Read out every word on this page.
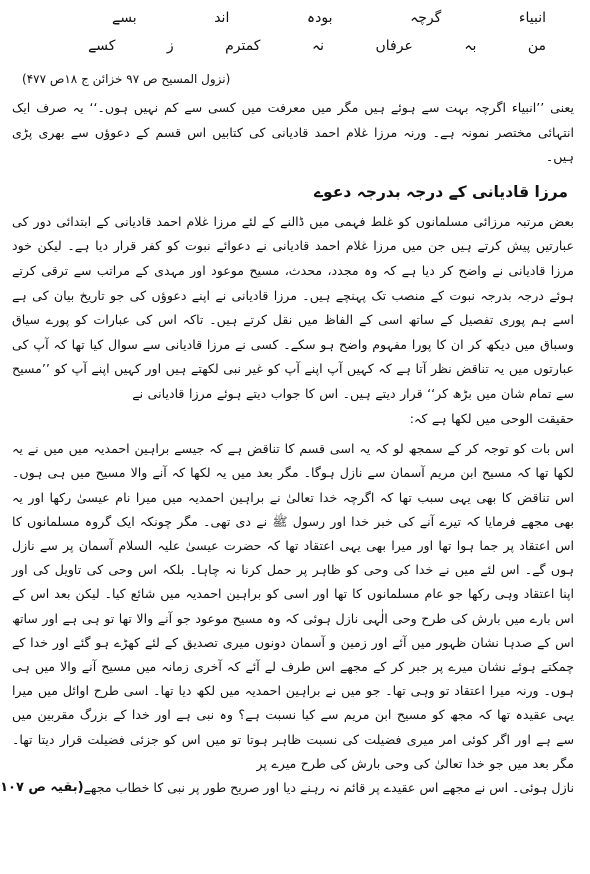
انبیاء
گرچہ
بودہ
اند
بسے
من
بہ
عرفاں
نہ
کمترم
ز
کسے
(نزول المسیح ص ۹۷ خزائن ج ۱۸ص ۴۷۷)

یعنی ’’انبیاء اگرچہ بہت سے ہوئے ہیں مگر میں معرفت میں کسی سے کم نہیں ہوں۔‘‘ یہ صرف ایک انتہائی مختصر نمونہ ہے۔ ورنہ مرزا غلام احمد قادیانی کی کتابیں اس قسم کے دعوؤں سے بھری پڑی ہیں۔

مرزا قادیانی کے درجہ بدرجہ دعوے

بعض مرتبہ مرزائی مسلمانوں کو غلط فہمی میں ڈالنے کے لئے مرزا غلام احمد قادیانی کے ابتدائی دور کی عبارتیں پیش کرتے ہیں جن میں مرزا غلام احمد قادیانی نے دعوائے نبوت کو کفر قرار دیا ہے۔ لیکن خود مرزا قادیانی نے واضح کر دیا ہے کہ وہ مجدد، محدث، مسیح موعود اور مہدی کے مراتب سے ترقی کرتے ہوئے درجہ بدرجہ نبوت کے منصب تک پہنچے ہیں۔ مرزا قادیانی نے اپنے دعوؤں کی جو تاریخ بیان کی ہے اسے ہم پوری تفصیل کے ساتھ اسی کے الفاظ میں نقل کرتے ہیں۔ تاکہ اس کی عبارات کو پورے سیاق وسباق میں دیکھ کر ان کا پورا مفہوم واضح ہو سکے۔ کسی نے مرزا قادیانی سے سوال کیا تھا کہ آپ کی عبارتوں میں یہ تناقض نظر آتا ہے کہ کہیں آپ اپنے آپ کو غیر نبی لکھتے ہیں اور کہیں اپنے آپ کو ’’مسیح سے تمام شان میں بڑھ کر‘‘ قرار دیتے ہیں۔ اس کا جواب دیتے ہوئے مرزا قادیانی نے

حقیقت الوحی میں لکھا ہے کہ:

اس بات کو توجہ کر کے سمجھ لو کہ یہ اسی قسم کا تناقض ہے کہ جیسے براہین احمدیہ میں میں نے یہ لکھا تھا کہ مسیح ابن مریم آسمان سے نازل ہوگا۔ مگر بعد میں یہ لکھا کہ آنے والا مسیح میں ہی ہوں۔ اس تناقض کا بھی یہی سبب تھا کہ اگرچہ خدا تعالیٰ نے براہین احمدیہ میں میرا نام عیسیٰ رکھا اور یہ بھی مجھے فرمایا کہ تیرے آنے کی خبر خدا اور رسول ﷺ نے دی تھی۔ مگر چونکہ ایک گروہ مسلمانوں کا اس اعتقاد پر جما ہوا تھا اور میرا بھی یہی اعتقاد تھا کہ حضرت عیسیٰ علیہ السلام آسمان پر سے نازل ہوں گے۔ اس لئے میں نے خدا کی وحی کو ظاہر پر حمل کرنا نہ چاہا۔ بلکہ اس وحی کی تاویل کی اور اپنا اعتقاد وہی رکھا جو عام مسلمانوں کا تھا اور اسی کو براہین احمدیہ میں شائع کیا۔ لیکن بعد اس کے اس بارے میں بارش کی طرح وحی الٰہی نازل ہوئی کہ وہ مسیح موعود جو آنے والا تھا تو ہی ہے اور ساتھ اس کے صدہا نشان ظہور میں آئے اور زمین و آسمان دونوں میری تصدیق کے لئے کھڑے ہو گئے اور خدا کے چمکتے ہوئے نشان میرے پر جبر کر کے مجھے اس طرف لے آئے کہ آخری زمانہ میں مسیح آنے والا میں ہی ہوں۔ ورنہ میرا اعتقاد تو وہی تھا۔ جو میں نے براہین احمدیہ میں لکھ دیا تھا۔ اسی طرح اوائل میں میرا یہی عقیدہ تھا کہ مجھ کو مسیح ابن مریم سے کیا نسبت ہے؟ وہ نبی ہے اور خدا کے بزرگ مقربین میں سے ہے اور اگر کوئی امر میری فضیلت کی نسبت ظاہر ہوتا تو میں اس کو جزئی فضیلت قرار دیتا تھا۔ مگر بعد میں جو خدا تعالیٰ کی وحی بارش کی طرح میرے پر

نازل ہوئی۔ اس نے مجھے اس عقیدے پر قائم نہ رہنے دیا اور صریح طور پر نبی کا خطاب مجھے
(بقیہ ص ۱۰۷
